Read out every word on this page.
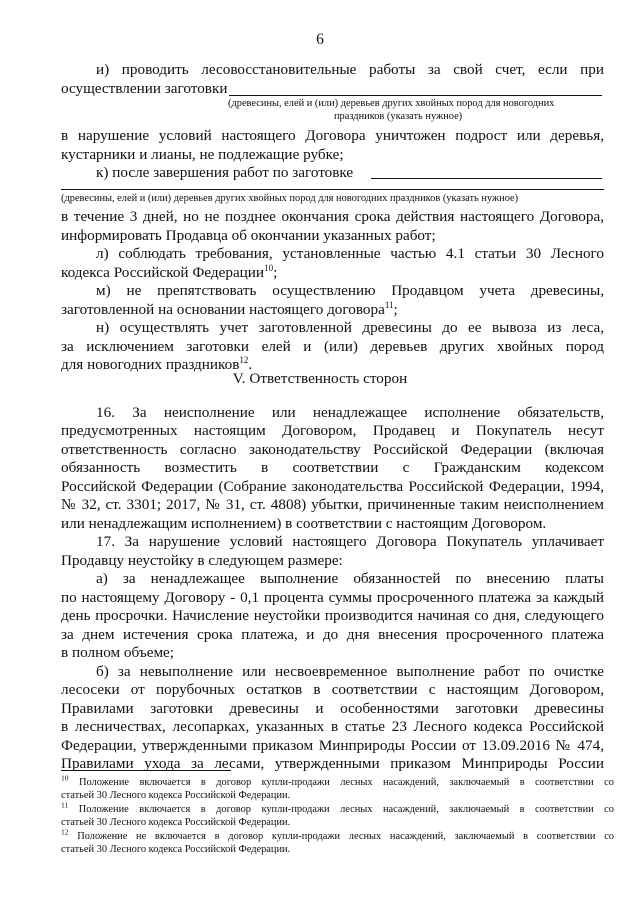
6
и) проводить лесовосстановительные работы за свой счет, если при
осуществлении заготовки
(древесины, елей и (или) деревьев других хвойных пород для новогодних
праздников (указать нужное)
в нарушение условий настоящего Договора уничтожен подрост или деревья,
кустарники и лианы, не подлежащие рубке;
к) после завершения работ по заготовке
(древесины, елей и (или) деревьев других хвойных пород для новогодних праздников (указать нужное)
в течение 3 дней, но не позднее окончания срока действия настоящего Договора,
информировать Продавца об окончании указанных работ;
л) соблюдать требования, установленные частью 4.1 статьи 30 Лесного
кодекса Российской Федерации$^{10}$;
м) не препятствовать осуществлению Продавцом учета древесины,
заготовленной на основании настоящего договора$^{11}$;
н) осуществлять учет заготовленной древесины до ее вывоза из леса,
за исключением заготовки елей и (или) деревьев других хвойных пород
для новогодних праздников$^{12}$.
V. Ответственность сторон
16. За неисполнение или ненадлежащее исполнение обязательств,
предусмотренных настоящим Договором, Продавец и Покупатель несут
ответственность согласно законодательству Российской Федерации (включая
обязанность возместить в соответствии с Гражданским кодексом
Российской Федерации (Собрание законодательства Российской Федерации, 1994,
№ 32, ст. 3301; 2017, № 31, ст. 4808) убытки, причиненные таким неисполнением
или ненадлежащим исполнением) в соответствии с настоящим Договором.
17. За нарушение условий настоящего Договора Покупатель уплачивает
Продавцу неустойку в следующем размере:
а) за ненадлежащее выполнение обязанностей по внесению платы
по настоящему Договору - 0,1 процента суммы просроченного платежа за каждый
день просрочки. Начисление неустойки производится начиная со дня, следующего
за днем истечения срока платежа, и до дня внесения просроченного платежа
в полном объеме;
б) за невыполнение или несвоевременное выполнение работ по очистке
лесосеки от порубочных остатков в соответствии с настоящим Договором,
Правилами заготовки древесины и особенностями заготовки древесины
в лесничествах, лесопарках, указанных в статье 23 Лесного кодекса Российской
Федерации, утвержденными приказом Минприроды России от 13.09.2016 № 474,
Правилами ухода за лесами, утвержденными приказом Минприроды России
$^{10}$ Положение включается в договор купли-продажи лесных насаждений, заключаемый в соответствии со
статьей 30 Лесного кодекса Российской Федерации.
$^{11}$ Положение включается в договор купли-продажи лесных насаждений, заключаемый в соответствии со
статьей 30 Лесного кодекса Российской Федерации.
$^{12}$ Положение не включается в договор купли-продажи лесных насаждений, заключаемый в соответствии со
статьей 30 Лесного кодекса Российской Федерации.
